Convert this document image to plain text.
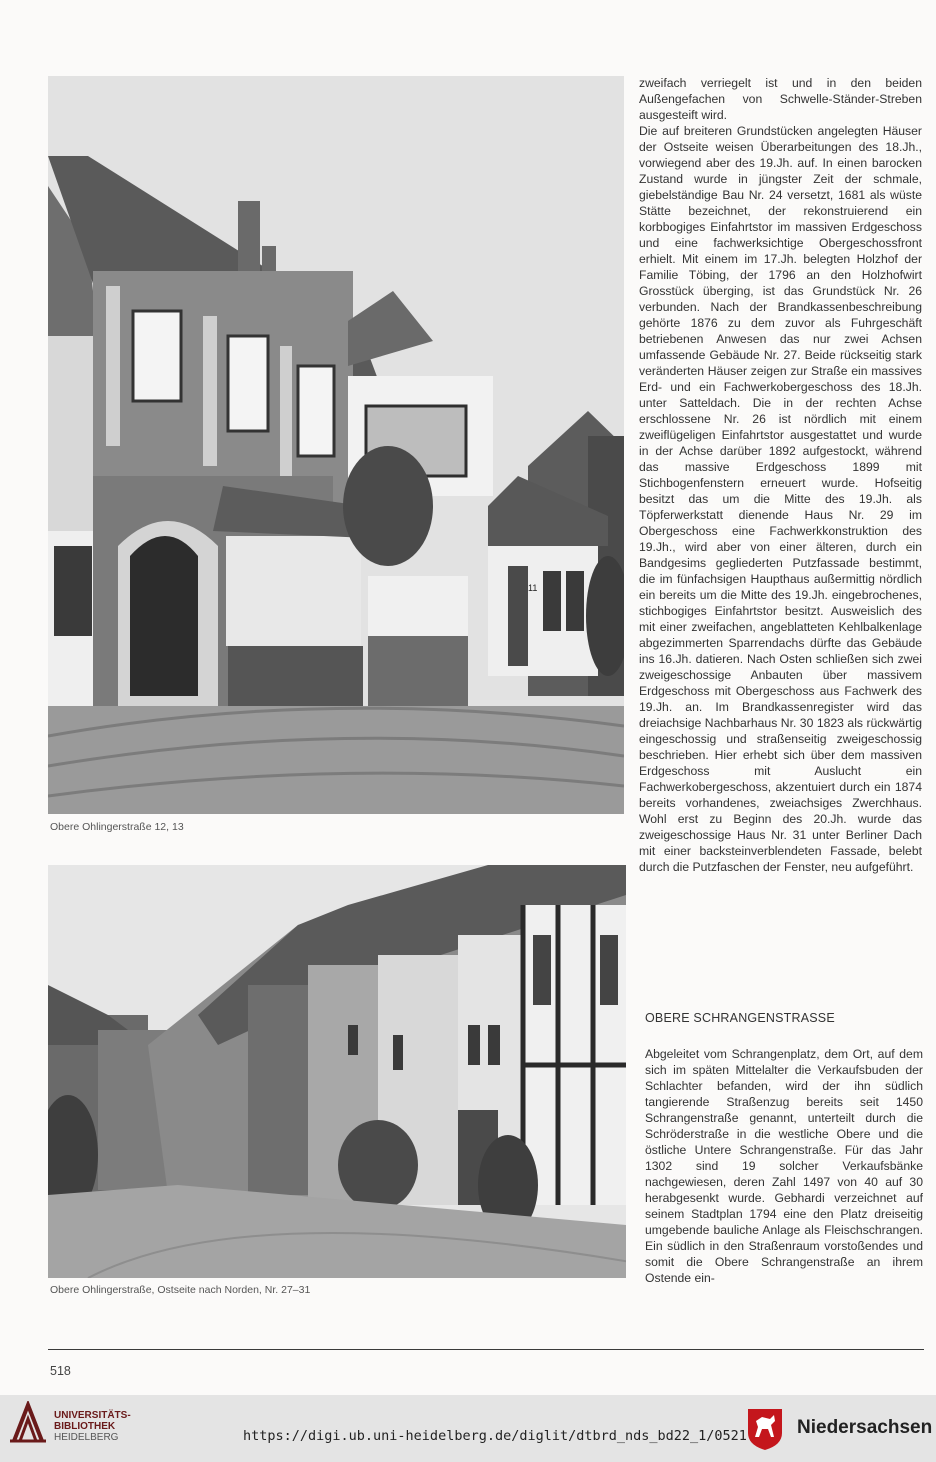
11
Obere Ohlingerstraße 12, 13
Obere Ohlingerstraße, Ostseite nach Norden, Nr. 27–31

zweifach verriegelt ist und in den beiden Außengefachen von Schwelle-Ständer-Streben ausgesteift wird.

Die auf breiteren Grundstücken angelegten Häuser der Ostseite weisen Überarbeitungen des 18.Jh., vorwiegend aber des 19.Jh. auf. In einen barocken Zustand wurde in jüngster Zeit der schmale, giebelständige Bau Nr. 24 versetzt, 1681 als wüste Stätte bezeichnet, der rekonstruierend ein korbbogiges Einfahrtstor im massiven Erdgeschoss und eine fachwerksichtige Obergeschossfront erhielt. Mit einem im 17.Jh. belegten Holzhof der Familie Töbing, der 1796 an den Holzhofwirt Grosstück überging, ist das Grundstück Nr. 26 verbunden. Nach der Brandkassenbeschreibung gehörte 1876 zu dem zuvor als Fuhrgeschäft betriebenen Anwesen das nur zwei Achsen umfassende Gebäude Nr. 27. Beide rückseitig stark veränderten Häuser zeigen zur Straße ein massives Erd- und ein Fachwerkobergeschoss des 18.Jh. unter Satteldach. Die in der rechten Achse erschlossene Nr. 26 ist nördlich mit einem zweiflügeligen Einfahrtstor ausgestattet und wurde in der Achse darüber 1892 aufgestockt, während das massive Erdgeschoss 1899 mit Stichbogenfenstern erneuert wurde. Hofseitig besitzt das um die Mitte des 19.Jh. als Töpferwerkstatt dienende Haus Nr. 29 im Obergeschoss eine Fachwerkkonstruktion des 19.Jh., wird aber von einer älteren, durch ein Bandgesims gegliederten Putzfassade bestimmt, die im fünfachsigen Haupthaus außermittig nördlich ein bereits um die Mitte des 19.Jh. eingebrochenes, stichbogiges Einfahrtstor besitzt. Ausweislich des mit einer zweifachen, angeblatteten Kehlbalkenlage abgezimmerten Sparrendachs dürfte das Gebäude ins 16.Jh. datieren. Nach Osten schließen sich zwei zweigeschossige Anbauten über massivem Erdgeschoss mit Obergeschoss aus Fachwerk des 19.Jh. an. Im Brandkassenregister wird das dreiachsige Nachbarhaus Nr. 30 1823 als rückwärtig eingeschossig und straßenseitig zweigeschossig beschrieben. Hier erhebt sich über dem massiven Erdgeschoss mit Auslucht ein Fachwerkobergeschoss, akzentuiert durch ein 1874 bereits vorhandenes, zweiachsiges Zwerchhaus. Wohl erst zu Beginn des 20.Jh. wurde das zweigeschossige Haus Nr. 31 unter Berliner Dach mit einer backsteinverblendeten Fassade, belebt durch die Putzfaschen der Fenster, neu aufgeführt.

OBERE SCHRANGENSTRASSE

Abgeleitet vom Schrangenplatz, dem Ort, auf dem sich im späten Mittelalter die Verkaufsbuden der Schlachter befanden, wird der ihn südlich tangierende Straßenzug bereits seit 1450 Schrangenstraße genannt, unterteilt durch die Schröderstraße in die westliche Obere und die östliche Untere Schrangenstraße. Für das Jahr 1302 sind 19 solcher Verkaufsbänke nachgewiesen, deren Zahl 1497 von 40 auf 30 herabgesenkt wurde. Gebhardi verzeichnet auf seinem Stadtplan 1794 eine den Platz dreiseitig umgebende bauliche Anlage als Fleischschrangen. Ein südlich in den Straßenraum vorstoßendes und somit die Obere Schrangenstraße an ihrem Ostende ein-

518
UNIVERSITÄTS-
BIBLIOTHEK
HEIDELBERG	https://digi.ub.uni-heidelberg.de/diglit/dtbrd_nds_bd22_1/0521	Niedersachsen
